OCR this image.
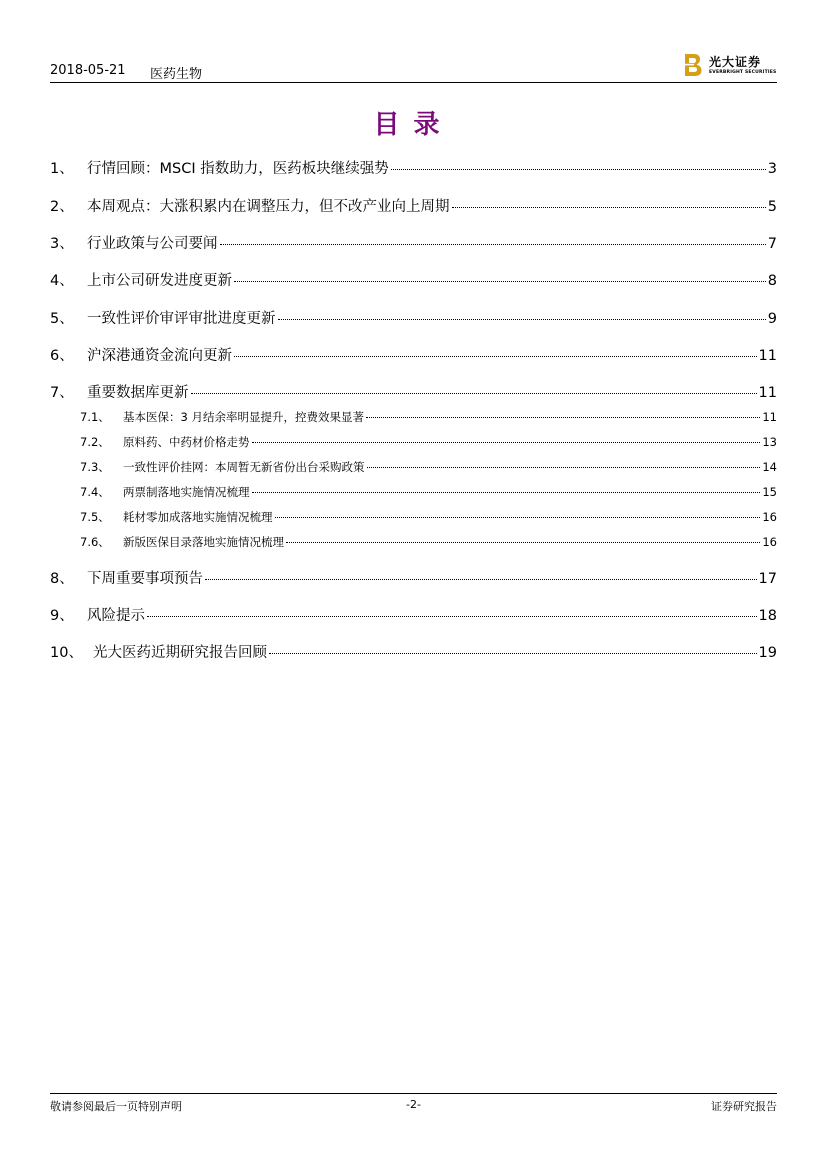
2018-05-21 医药生物
光大证券
EVERBRIGHT SECURITIES
目录
1、 行情回顾：MSCI 指数助力，医药板块继续强势	3
2、 本周观点：大涨积累内在调整压力，但不改产业向上周期	5
3、 行业政策与公司要闻	7
4、 上市公司研发进度更新	8
5、 一致性评价审评审批进度更新	9
6、 沪深港通资金流向更新	11
7、 重要数据库更新	11
7.1、	基本医保：3 月结余率明显提升，控费效果显著	11
7.2、	原料药、中药材价格走势	13
7.3、	一致性评价挂网：本周暂无新省份出台采购政策	14
7.4、	两票制落地实施情况梳理	15
7.5、	耗材零加成落地实施情况梳理	16
7.6、	新版医保目录落地实施情况梳理	16
8、 下周重要事项预告	17
9、 风险提示	18
10、 光大医药近期研究报告回顾	19
敬请参阅最后一页特别声明	-2-	证券研究报告
